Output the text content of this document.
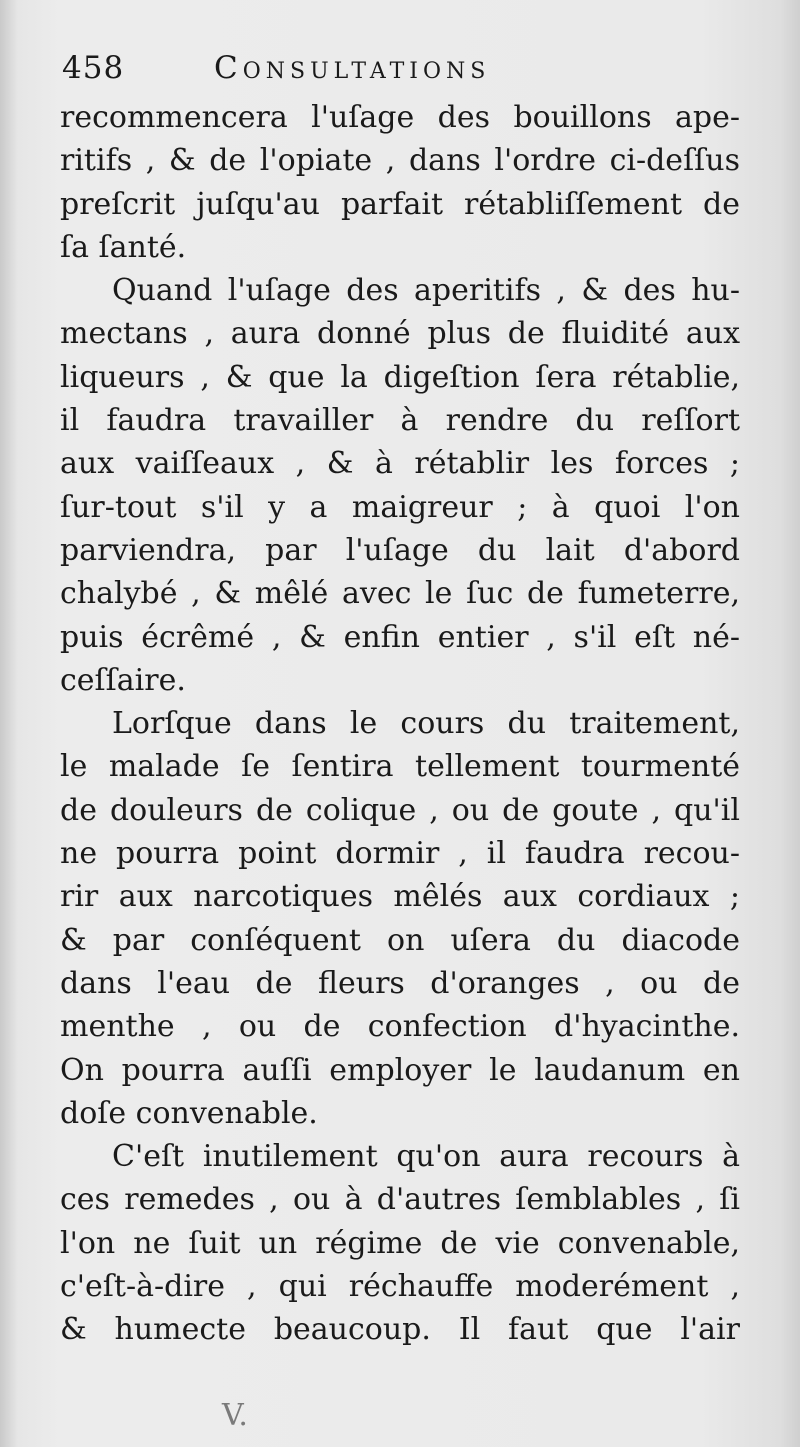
458	Consultations
recommencera l'uſage des bouillons ape-
ritifs , & de l'opiate , dans l'ordre ci-deſſus
preſcrit juſqu'au parfait rétabliſſement de
ſa ſanté.
Quand l'uſage des aperitifs , & des hu-
mectans , aura donné plus de fluidité aux
liqueurs , & que la digeſtion ſera rétablie,
il faudra travailler à rendre du reſſort
aux vaiſſeaux , & à rétablir les forces ;
ſur-tout s'il y a maigreur ; à quoi l'on
parviendra, par l'uſage du lait d'abord
chalybé , & mêlé avec le ſuc de fumeterre,
puis écrêmé , & enfin entier , s'il eſt né-
ceſſaire.
Lorſque dans le cours du traitement,
le malade ſe ſentira tellement tourmenté
de douleurs de colique , ou de goute , qu'il
ne pourra point dormir , il faudra recou-
rir aux narcotiques mêlés aux cordiaux ;
& par conſéquent on uſera du diacode
dans l'eau de fleurs d'oranges , ou de
menthe , ou de confection d'hyacinthe.
On pourra auſſi employer le laudanum en
doſe convenable.
C'eſt inutilement qu'on aura recours à
ces remedes , ou à d'autres ſemblables , ſi
l'on ne ſuit un régime de vie convenable,
c'eſt-à-dire , qui réchauffe moderément ,
& humecte beaucoup. Il faut que l'air
V.
